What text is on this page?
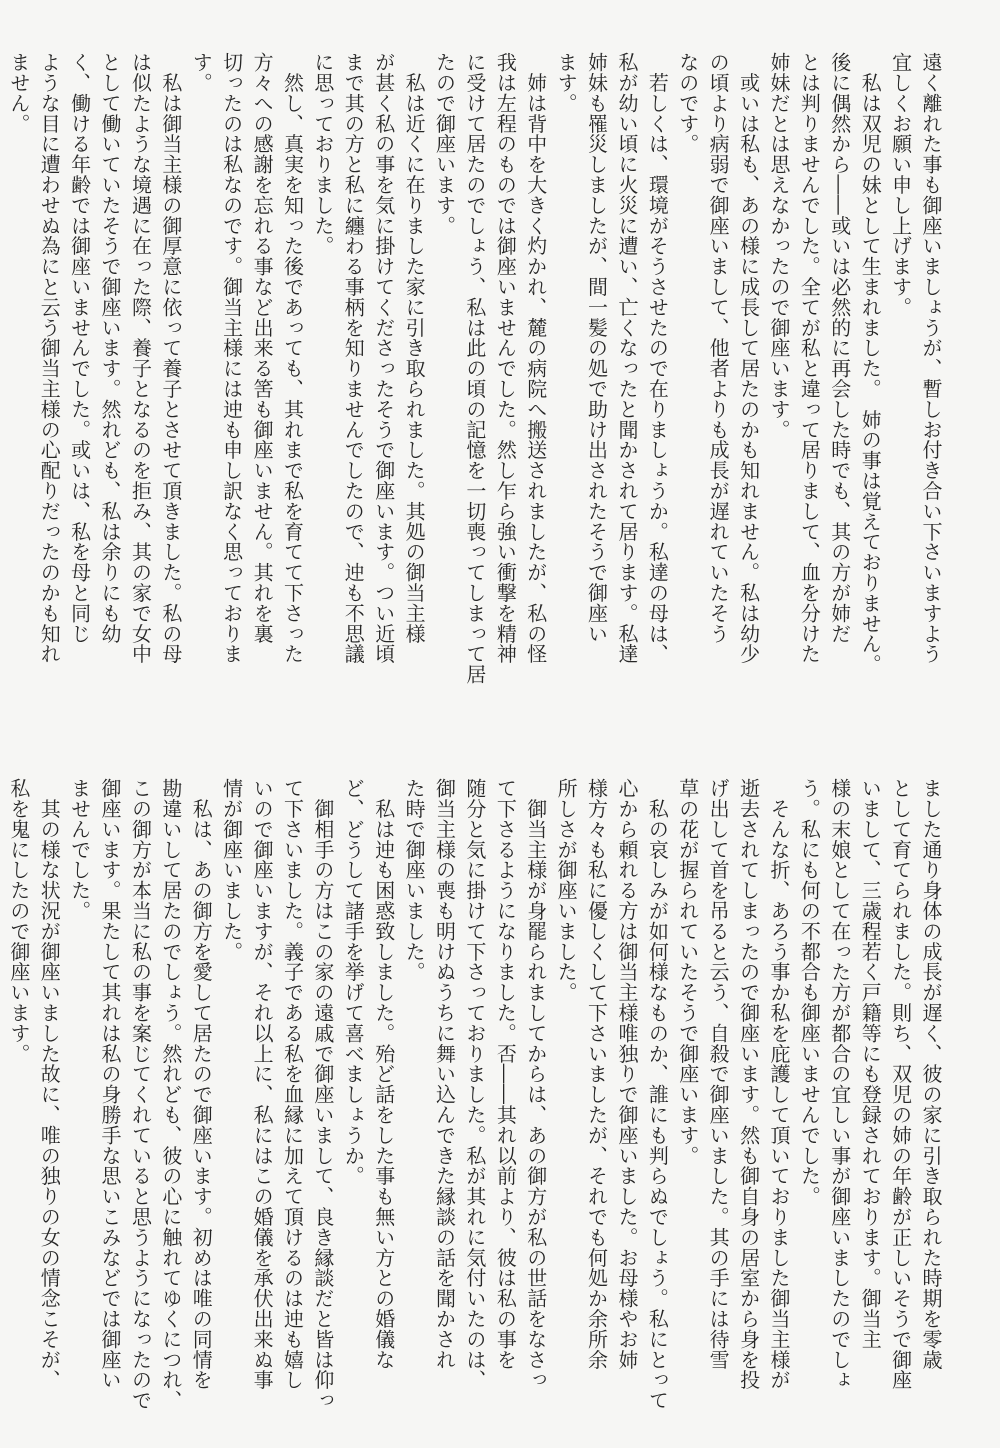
遠く離れた事も御座いましょうが、暫しお付き合い下さいますよう
宜しくお願い申し上げます。
　私は双児の妹として生まれました。　姉の事は覚えておりません。
後に偶然から――或いは必然的に再会した時でも、其の方が姉だ
とは判りませんでした。全てが私と違って居りまして、血を分けた
姉妹だとは思えなかったので御座います。
　或いは私も、あの様に成長して居たのかも知れません。私は幼少
の頃より病弱で御座いまして、他者よりも成長が遅れていたそう
なのです。
　若しくは、環境がそうさせたので在りましょうか。私達の母は、
私が幼い頃に火災に遭い、亡くなったと聞かされて居ります。私達
姉妹も罹災しましたが、間一髪の処で助け出されたそうで御座い
ます。
　姉は背中を大きく灼かれ、麓の病院へ搬送されましたが、私の怪
我は左程のものでは御座いませんでした。然し乍ら強い衝撃を精神
に受けて居たのでしょう、私は此の頃の記憶を一切喪ってしまって居
たので御座います。
　私は近くに在りました家に引き取られました。其処の御当主様
が甚く私の事を気に掛けてくださったそうで御座います。つい近頃
まで其の方と私に纏わる事柄を知りませんでしたので、迚も不思議
に思っておりました。
　然し、真実を知った後であっても、其れまで私を育てて下さった
方々への感謝を忘れる事など出来る筈も御座いません。其れを裏
切ったのは私なのです。御当主様には迚も申し訳なく思っておりま
す。
　私は御当主様の御厚意に依って養子とさせて頂きました。私の母
は似たような境遇に在った際、養子となるのを拒み、其の家で女中
として働いていたそうで御座います。然れども、私は余りにも幼
く、働ける年齢では御座いませんでした。或いは、私を母と同じ
ような目に遭わせぬ為にと云う御当主様の心配りだったのかも知れ
ません。
ました通り身体の成長が遅く、彼の家に引き取られた時期を零歳
として育てられました。則ち、双児の姉の年齢が正しいそうで御座
いまして、三歳程若く戸籍等にも登録されております。御当主
様の末娘として在った方が都合の宜しい事が御座いましたのでしょ
う。私にも何の不都合も御座いませんでした。
　そんな折、あろう事か私を庇護して頂いておりました御当主様が
逝去されてしまったので御座います。然も御自身の居室から身を投
げ出して首を吊ると云う、自殺で御座いました。其の手には待雪
草の花が握られていたそうで御座います。
　私の哀しみが如何様なものか、誰にも判らぬでしょう。私にとって
心から頼れる方は御当主様唯独りで御座いました。お母様やお姉
様方々も私に優しくして下さいましたが、それでも何処か余所余
所しさが御座いました。
　御当主様が身罷られましてからは、あの御方が私の世話をなさっ
て下さるようになりました。否――其れ以前より、彼は私の事を
随分と気に掛けて下さっておりました。私が其れに気付いたのは、
御当主様の喪も明けぬうちに舞い込んできた縁談の話を聞かされ
た時で御座いました。
　私は迚も困惑致しました。殆ど話をした事も無い方との婚儀な
ど、どうして諸手を挙げて喜べましょうか。
　御相手の方はこの家の遠戚で御座いまして、良き縁談だと皆は仰っ
て下さいました。義子である私を血縁に加えて頂けるのは迚も嬉し
いので御座いますが、それ以上に、私にはこの婚儀を承伏出来ぬ事
情が御座いました。
　私は、あの御方を愛して居たので御座います。初めは唯の同情を
勘違いして居たのでしょう。然れども、彼の心に触れてゆくにつれ、
この御方が本当に私の事を案じてくれていると思うようになったので
御座います。果たして其れは私の身勝手な思いこみなどでは御座い
ませんでした。
　其の様な状況が御座いました故に、唯の独りの女の情念こそが、
私を鬼にしたので御座います。
